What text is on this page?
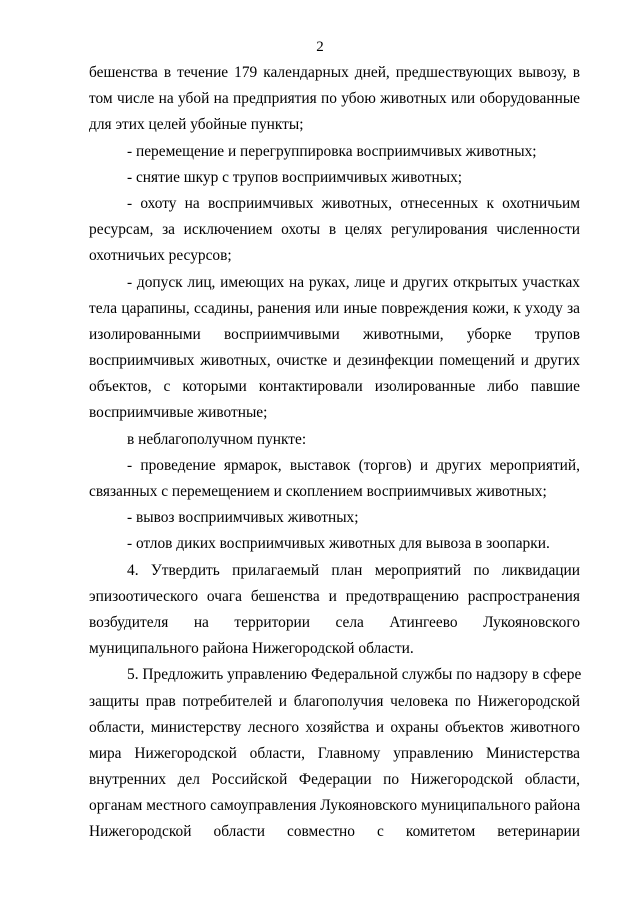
2
бешенства в течение 179 календарных дней, предшествующих вывозу, в
том числе на убой на предприятия по убою животных или оборудованные
для этих целей убойные пункты;
- перемещение и перегруппировка восприимчивых животных;
- снятие шкур с трупов восприимчивых животных;
- охоту на восприимчивых животных, отнесенных к охотничьим
ресурсам, за исключением охоты в целях регулирования численности
охотничьих ресурсов;
- допуск лиц, имеющих на руках, лице и других открытых участках
тела царапины, ссадины, ранения или иные повреждения кожи, к уходу за
изолированными восприимчивыми животными, уборке трупов
восприимчивых животных, очистке и дезинфекции помещений и других
объектов, с которыми контактировали изолированные либо павшие
восприимчивые животные;
в неблагополучном пункте:
- проведение ярмарок, выставок (торгов) и других мероприятий,
связанных с перемещением и скоплением восприимчивых животных;
- вывоз восприимчивых животных;
- отлов диких восприимчивых животных для вывоза в зоопарки.
4. Утвердить прилагаемый план мероприятий по ликвидации
эпизоотического очага бешенства и предотвращению распространения
возбудителя на территории села Атингеево Лукояновского
муниципального района Нижегородской области.
5. Предложить управлению Федеральной службы по надзору в сфере
защиты прав потребителей и благополучия человека по Нижегородской
области, министерству лесного хозяйства и охраны объектов животного
мира Нижегородской области, Главному управлению Министерства
внутренних дел Российской Федерации по Нижегородской области,
органам местного самоуправления Лукояновского муниципального района
Нижегородской области совместно с комитетом ветеринарии
